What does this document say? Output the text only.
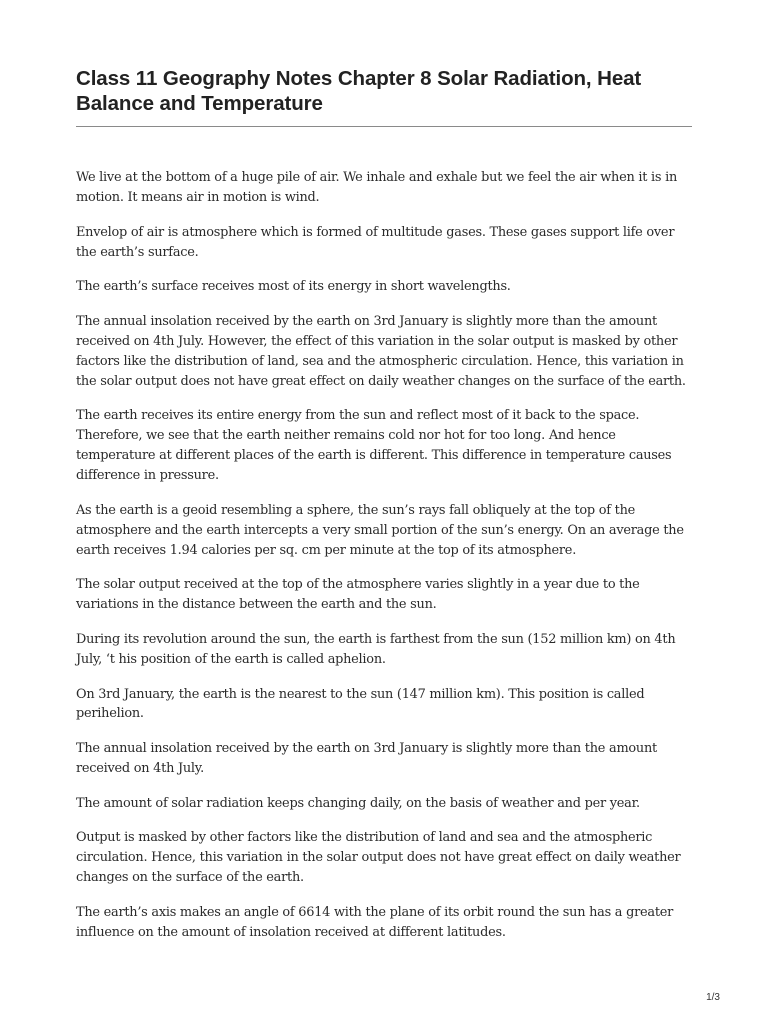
Class 11 Geography Notes Chapter 8 Solar Radiation, Heat Balance and Temperature

We live at the bottom of a huge pile of air. We inhale and exhale but we feel the air when it is in motion. It means air in motion is wind.

Envelop of air is atmosphere which is formed of multitude gases. These gases support life over the earth’s surface.

The earth’s surface receives most of its energy in short wavelengths.

The annual insolation received by the earth on 3rd January is slightly more than the amount received on 4th July. However, the effect of this variation in the solar output is masked by other factors like the distribution of land, sea and the atmospheric circulation. Hence, this variation in the solar output does not have great effect on daily weather changes on the surface of the earth.

The earth receives its entire energy from the sun and reflect most of it back to the space. Therefore, we see that the earth neither remains cold nor hot for too long. And hence temperature at different places of the earth is different. This difference in temperature causes difference in pressure.

As the earth is a geoid resembling a sphere, the sun’s rays fall obliquely at the top of the atmosphere and the earth intercepts a very small portion of the sun’s energy. On an average the earth receives 1.94 calories per sq. cm per minute at the top of its atmosphere.

The solar output received at the top of the atmosphere varies slightly in a year due to the variations in the distance between the earth and the sun.

During its revolution around the sun, the earth is farthest from the sun (152 million km) on 4th July, ‘t his position of the earth is called aphelion.

On 3rd January, the earth is the nearest to the sun (147 million km). This position is called perihelion.

The annual insolation received by the earth on 3rd January is slightly more than the amount received on 4th July.

The amount of solar radiation keeps changing daily, on the basis of weather and per year.

Output is masked by other factors like the distribution of land and sea and the atmospheric circulation. Hence, this variation in the solar output does not have great effect on daily weather changes on the surface of the earth.

The earth’s axis makes an angle of 6614 with the plane of its orbit round the sun has a greater influence on the amount of insolation received at different latitudes.

1/3
